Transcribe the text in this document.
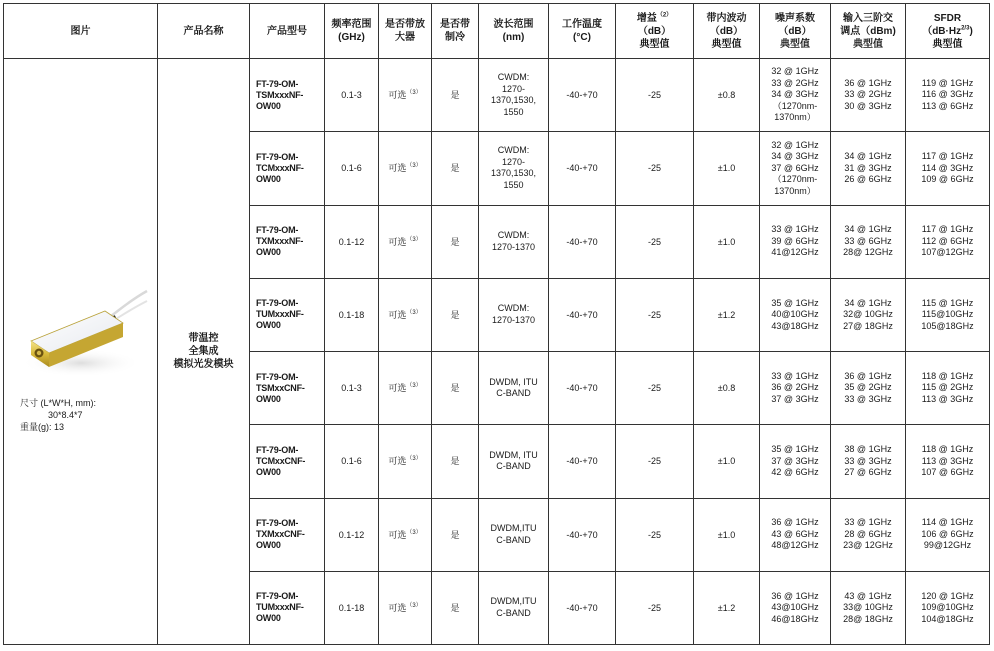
图片	产品名称	产品型号	频率范围
(GHz)	是否带放
大器	是否带
制冷	波长范围
(nm)	工作温度
(°C)	增益$^{(2)}$
（dB）
典型值	带内波动
（dB）
典型值	噪声系数
（dB）
典型值	输入三阶交
调点（dBm)
典型值	SFDR
$(dB\cdot Hz^{2/3})$
典型值

尺寸 (L*W*H, mm):
30*8.4*7
重量(g): 13	带温控
全集成
模拟光发模块	FT-79-OM-
TSMxxxNF-
OW00	0.1-3	可选$^{(3)}$	是	CWDM:
1270-
1370,1530,
1550	-40-+70	-25	±0.8	32 @ 1GHz
33 @ 2GHz
34 @ 3GHz
（1270nm-
1370nm）	36 @ 1GHz
33 @ 2GHz
30 @ 3GHz	119 @ 1GHz
116 @ 3GHz
113 @ 6GHz

		FT-79-OM-
TCMxxxNF-
OW00	0.1-6	可选$^{(3)}$	是	CWDM:
1270-
1370,1530,
1550	-40-+70	-25	±1.0	32 @ 1GHz
34 @ 3GHz
37 @ 6GHz
（1270nm-
1370nm）	34 @ 1GHz
31 @ 3GHz
26 @ 6GHz	117 @ 1GHz
114 @ 3GHz
109 @ 6GHz

		FT-79-OM-
TXMxxxNF-
OW00	0.1-12	可选$^{(3)}$	是	CWDM:
1270-1370	-40-+70	-25	±1.0	33 @ 1GHz
39 @ 6GHz
41@12GHz	34 @ 1GHz
33 @ 6GHz
28@ 12GHz	117 @ 1GHz
112 @ 6GHz
107@12GHz

		FT-79-OM-
TUMxxxNF-
OW00	0.1-18	可选$^{(3)}$	是	CWDM:
1270-1370	-40-+70	-25	±1.2	35 @ 1GHz
40@10GHz
43@18GHz	34 @ 1GHz
32@ 10GHz
27@ 18GHz	115 @ 1GHz
115@10GHz
105@18GHz

		FT-79-OM-
TSMxxCNF-
OW00	0.1-3	可选$^{(3)}$	是	DWDM, ITU
C-BAND	-40-+70	-25	±0.8	33 @ 1GHz
36 @ 2GHz
37 @ 3GHz	36 @ 1GHz
35 @ 2GHz
33 @ 3GHz	118 @ 1GHz
115 @ 2GHz
113 @ 3GHz

		FT-79-OM-
TCMxxCNF-
OW00	0.1-6	可选$^{(3)}$	是	DWDM, ITU
C-BAND	-40-+70	-25	±1.0	35 @ 1GHz
37 @ 3GHz
42 @ 6GHz	38 @ 1GHz
33 @ 3GHz
27 @ 6GHz	118 @ 1GHz
113 @ 3GHz
107 @ 6GHz

		FT-79-OM-
TXMxxCNF-
OW00	0.1-12	可选$^{(3)}$	是	DWDM,ITU
C-BAND	-40-+70	-25	±1.0	36 @ 1GHz
43 @ 6GHz
48@12GHz	33 @ 1GHz
28 @ 6GHz
23@ 12GHz	114 @ 1GHz
106 @ 6GHz
99@12GHz

		FT-79-OM-
TUMxxxNF-
OW00	0.1-18	可选$^{(3)}$	是	DWDM,ITU
C-BAND	-40-+70	-25	±1.2	36 @ 1GHz
43@10GHz
46@18GHz	43 @ 1GHz
33@ 10GHz
28@ 18GHz	120 @ 1GHz
109@10GHz
104@18GHz
